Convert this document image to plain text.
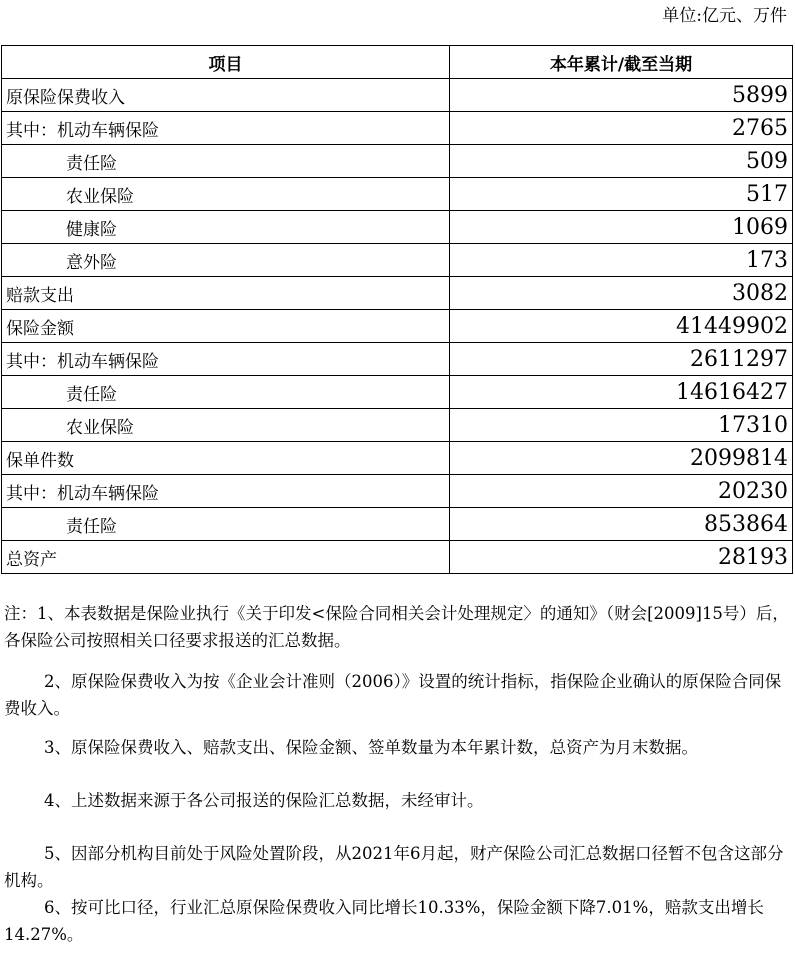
单位:亿元、万件
项目	本年累计/截至当期
原保险保费收入	5899
其中：机动车辆保险	2765
责任险	509
农业保险	517
健康险	1069
意外险	173
赔款支出	3082
保险金额	41449902
其中：机动车辆保险	2611297
责任险	14616427
农业保险	17310
保单件数	2099814
其中：机动车辆保险	20230
责任险	853864
总资产	28193

注：1、本表数据是保险业执行《关于印发<保险合同相关会计处理规定〉的通知》（财会[2009]15号）后，各保险公司按照相关口径要求报送的汇总数据。

2、原保险保费收入为按《企业会计准则（2006）》设置的统计指标，指保险企业确认的原保险合同保费收入。

3、原保险保费收入、赔款支出、保险金额、签单数量为本年累计数，总资产为月末数据。

4、上述数据来源于各公司报送的保险汇总数据，未经审计。

5、因部分机构目前处于风险处置阶段，从2021年6月起，财产保险公司汇总数据口径暂不包含这部分机构。

6、按可比口径，行业汇总原保险保费收入同比增长10.33%，保险金额下降7.01%，赔款支出增长14.27%。
